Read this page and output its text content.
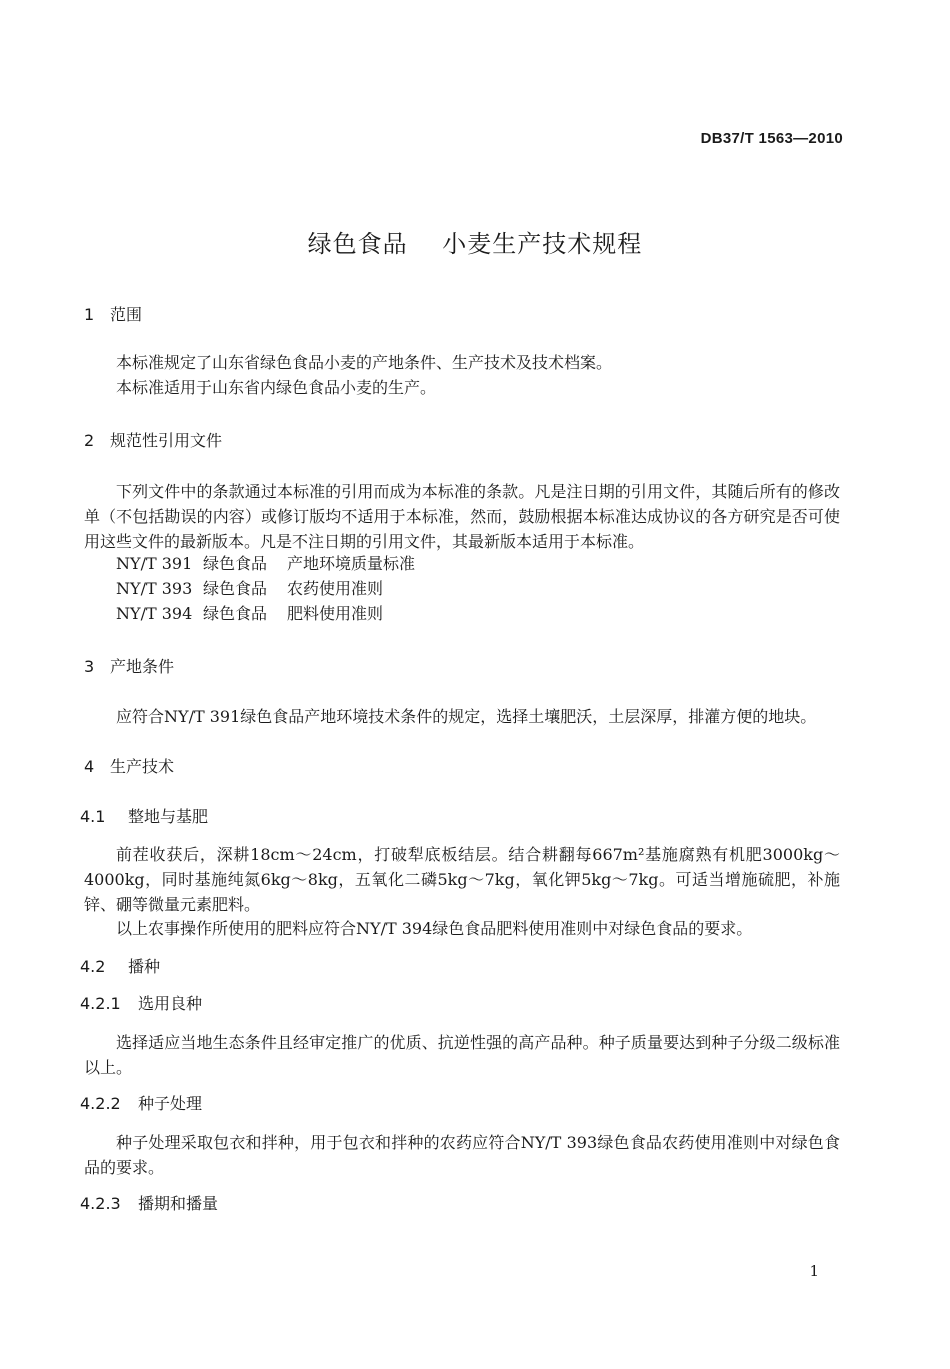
DB37/T 1563—2010
绿色食品 小麦生产技术规程
1 范围
本标准规定了山东省绿色食品小麦的产地条件、生产技术及技术档案。
本标准适用于山东省内绿色食品小麦的生产。
2 规范性引用文件
下列文件中的条款通过本标准的引用而成为本标准的条款。凡是注日期的引用文件，其随后所有的修改单（不包括勘误的内容）或修订版均不适用于本标准，然而，鼓励根据本标准达成协议的各方研究是否可使用这些文件的最新版本。凡是不注日期的引用文件，其最新版本适用于本标准。
NY/T 391 绿色食品 产地环境质量标准
NY/T 393 绿色食品 农药使用准则
NY/T 394 绿色食品 肥料使用准则
3 产地条件
应符合NY/T 391绿色食品产地环境技术条件的规定，选择土壤肥沃，土层深厚，排灌方便的地块。
4 生产技术
4.1 整地与基肥
前茬收获后，深耕18cm～24cm，打破犁底板结层。结合耕翻每667m²基施腐熟有机肥3000kg～4000kg，同时基施纯氮6kg～8kg，五氧化二磷5kg～7kg，氧化钾5kg～7kg。可适当增施硫肥，补施锌、硼等微量元素肥料。
以上农事操作所使用的肥料应符合NY/T 394绿色食品肥料使用准则中对绿色食品的要求。
4.2 播种
4.2.1 选用良种
选择适应当地生态条件且经审定推广的优质、抗逆性强的高产品种。种子质量要达到种子分级二级标准以上。
4.2.2 种子处理
种子处理采取包衣和拌种，用于包衣和拌种的农药应符合NY/T 393绿色食品农药使用准则中对绿色食品的要求。
4.2.3 播期和播量
1
